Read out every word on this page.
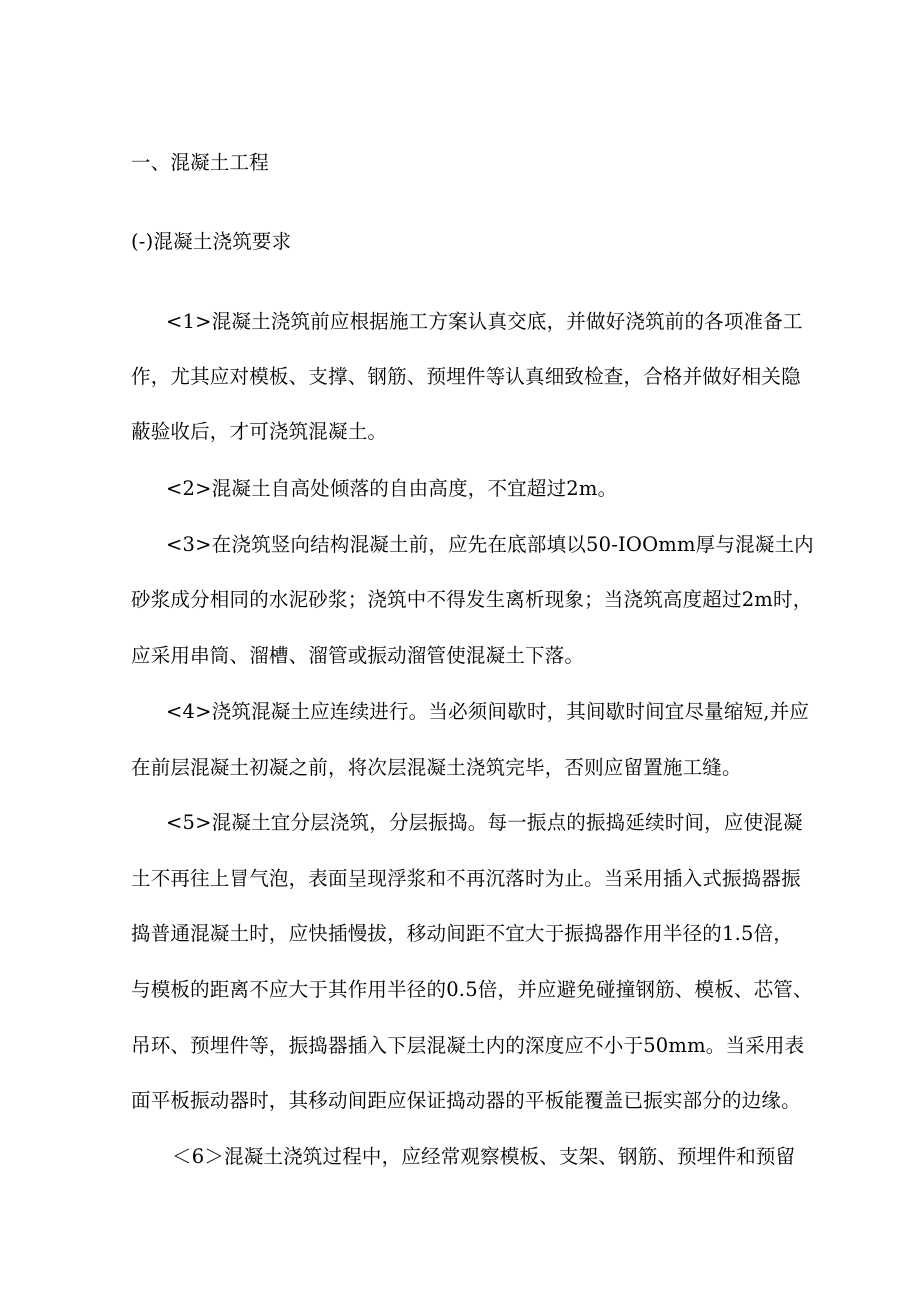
一、混凝土工程
(-)混凝土浇筑要求
<1>混凝土浇筑前应根据施工方案认真交底，并做好浇筑前的各项准备工
作，尤其应对模板、支撑、钢筋、预埋件等认真细致检查，合格并做好相关隐
蔽验收后，才可浇筑混凝土。
<2>混凝土自高处倾落的自由高度，不宜超过2m。
<3>在浇筑竖向结构混凝土前，应先在底部填以50-IOOmm厚与混凝土内
砂浆成分相同的水泥砂浆；浇筑中不得发生离析现象；当浇筑高度超过2m时，
应采用串筒、溜槽、溜管或振动溜管使混凝土下落。
<4>浇筑混凝土应连续进行。当必须间歇时，其间歇时间宜尽量缩短,并应
在前层混凝土初凝之前，将次层混凝土浇筑完毕，否则应留置施工缝。
<5>混凝土宜分层浇筑，分层振捣。每一振点的振捣延续时间，应使混凝
土不再往上冒气泡，表面呈现浮浆和不再沉落时为止。当采用插入式振捣器振
捣普通混凝土时，应快插慢拔，移动间距不宜大于振捣器作用半径的1.5倍，
与模板的距离不应大于其作用半径的0.5倍，并应避免碰撞钢筋、模板、芯管、
吊环、预埋件等，振捣器插入下层混凝土内的深度应不小于50mm。当采用表
面平板振动器时，其移动间距应保证捣动器的平板能覆盖已振实部分的边缘。
＜6＞混凝土浇筑过程中，应经常观察模板、支架、钢筋、预埋件和预留
